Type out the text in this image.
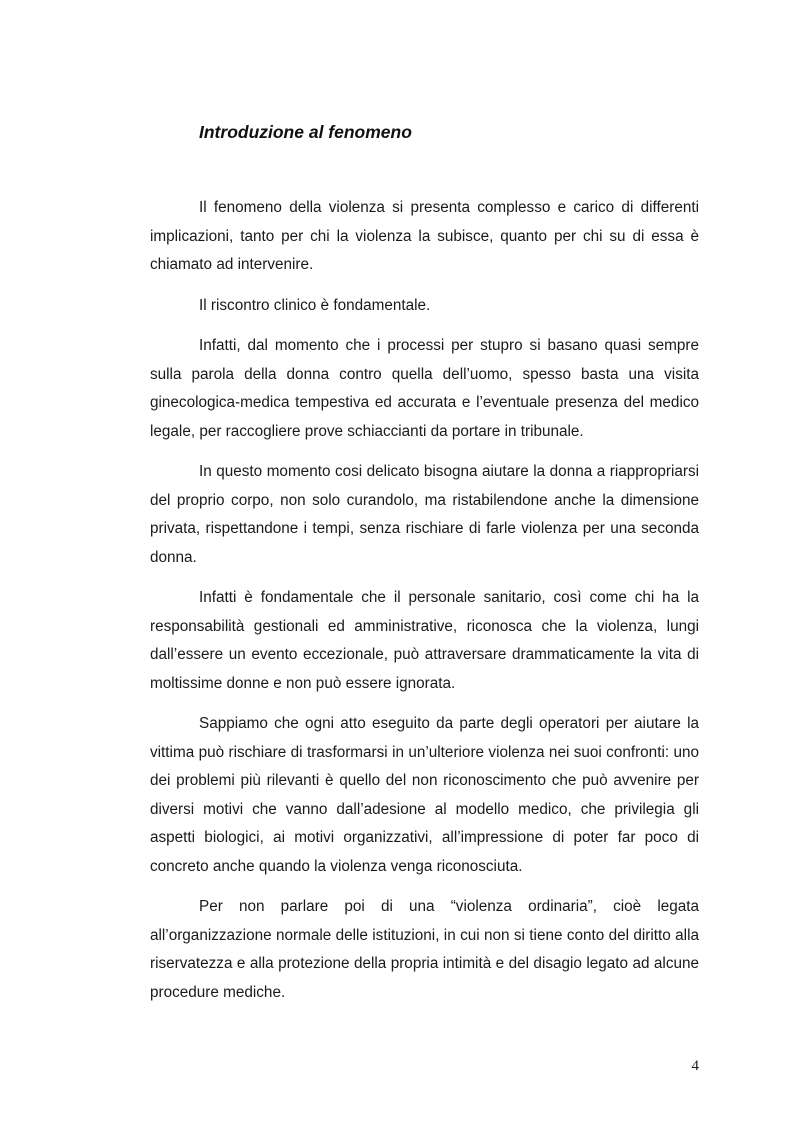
Introduzione al fenomeno

Il fenomeno della violenza si presenta complesso e carico di differenti implicazioni, tanto per chi la violenza la subisce, quanto per chi su di essa è chiamato ad intervenire.

Il riscontro clinico è fondamentale.

Infatti, dal momento che i processi per stupro si basano quasi sempre sulla parola della donna contro quella dell’uomo, spesso basta una visita ginecologica-medica tempestiva ed accurata e l’eventuale presenza del medico legale, per raccogliere prove schiaccianti da portare in tribunale.

In questo momento cosi delicato bisogna aiutare la donna a riappropriarsi del proprio corpo, non solo curandolo, ma ristabilendone anche la dimensione privata, rispettandone i tempi, senza rischiare di farle violenza per una seconda donna.

Infatti è fondamentale che il personale sanitario, così come chi ha la responsabilità gestionali ed amministrative, riconosca che la violenza, lungi dall’essere un evento eccezionale, può attraversare drammaticamente la vita di moltissime donne e non può essere ignorata.

Sappiamo che ogni atto eseguito da parte degli operatori per aiutare la vittima può rischiare di trasformarsi in un’ulteriore violenza nei suoi confronti: uno dei problemi più rilevanti è quello del non riconoscimento che può avvenire per diversi motivi che vanno dall’adesione al modello medico, che privilegia gli aspetti biologici, ai motivi organizzativi, all’impressione di poter far poco di concreto anche quando la violenza venga riconosciuta.

Per non parlare poi di una “violenza ordinaria”, cioè legata all’organizzazione normale delle istituzioni, in cui non si tiene conto del diritto alla riservatezza e alla protezione della propria intimità e del disagio legato ad alcune procedure mediche.

4
